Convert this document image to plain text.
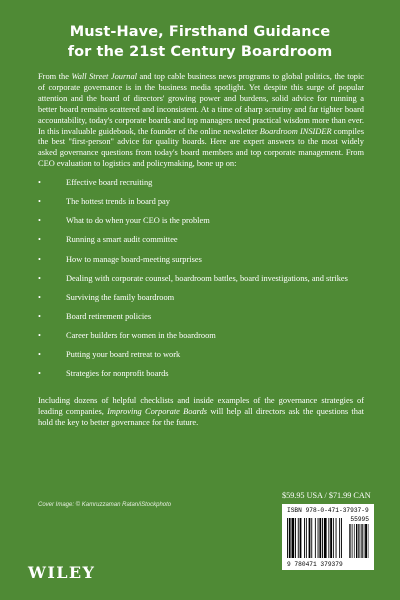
Must-Have, Firsthand Guidance
for the 21st Century Boardroom

From the Wall Street Journal and top cable business news programs to global politics, the topic of corporate governance is in the business media spotlight. Yet despite this surge of popular attention and the board of directors' growing power and burdens, solid advice for running a better board remains scattered and inconsistent. At a time of sharp scrutiny and far tighter board accountability, today's corporate boards and top managers need practical wisdom more than ever. In this invaluable guidebook, the founder of the online newsletter Boardroom INSIDER compiles the best "first-person" advice for quality boards. Here are expert answers to the most widely asked governance questions from today's board members and top corporate management. From CEO evaluation to logistics and policymaking, bone up on:

•	Effective board recruiting
•	The hottest trends in board pay
•	What to do when your CEO is the problem
•	Running a smart audit committee
•	How to manage board-meeting surprises
•	Dealing with corporate counsel, boardroom battles, board investigations, and strikes
•	Surviving the family boardroom
•	Board retirement policies
•	Career builders for women in the boardroom
•	Putting your board retreat to work
•	Strategies for nonprofit boards

Including dozens of helpful checklists and inside examples of the governance strategies of leading companies, Improving Corporate Boards will help all directors ask the questions that hold the key to better governance for the future.

Cover Image: © Kamruzzaman Ratan/iStockphoto
$59.95 USA / $71.99 CAN
ISBN 978-0-471-37937-9
55995
9 780471 379379
WILEY
